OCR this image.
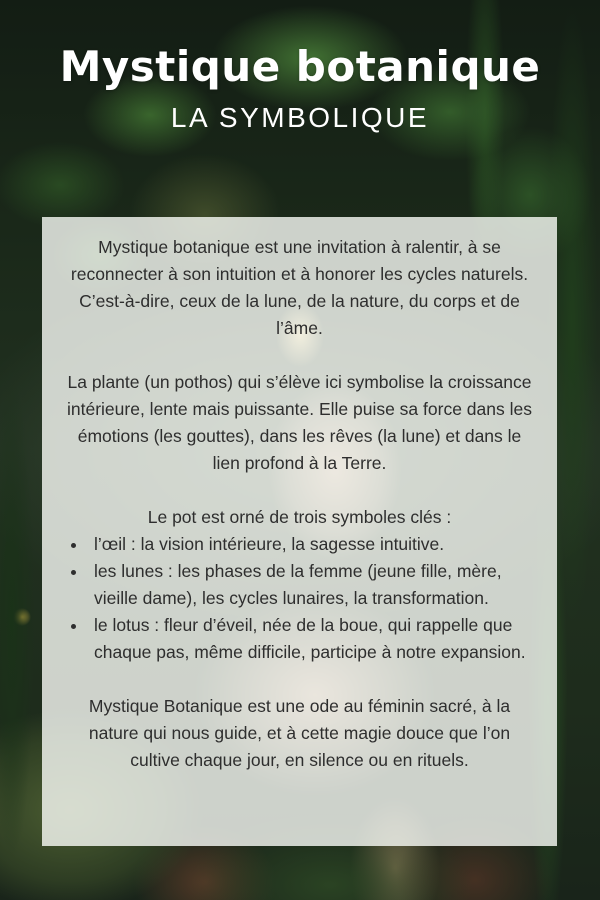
Mystique botanique
LA SYMBOLIQUE

Mystique botanique est une invitation à ralentir, à se reconnecter à son intuition et à honorer les cycles naturels. C’est-à-dire, ceux de la lune, de la nature, du corps et de l’âme.

La plante (un pothos) qui s’élève ici symbolise la croissance intérieure, lente mais puissante. Elle puise sa force dans les émotions (les gouttes), dans les rêves (la lune) et dans le lien profond à la Terre.

Le pot est orné de trois symboles clés :

• l’œil : la vision intérieure, la sagesse intuitive.
• les lunes : les phases de la femme (jeune fille, mère, vieille dame), les cycles lunaires, la transformation.
• le lotus : fleur d’éveil, née de la boue, qui rappelle que chaque pas, même difficile, participe à notre expansion.

Mystique Botanique est une ode au féminin sacré, à la nature qui nous guide, et à cette magie douce que l’on cultive chaque jour, en silence ou en rituels.
